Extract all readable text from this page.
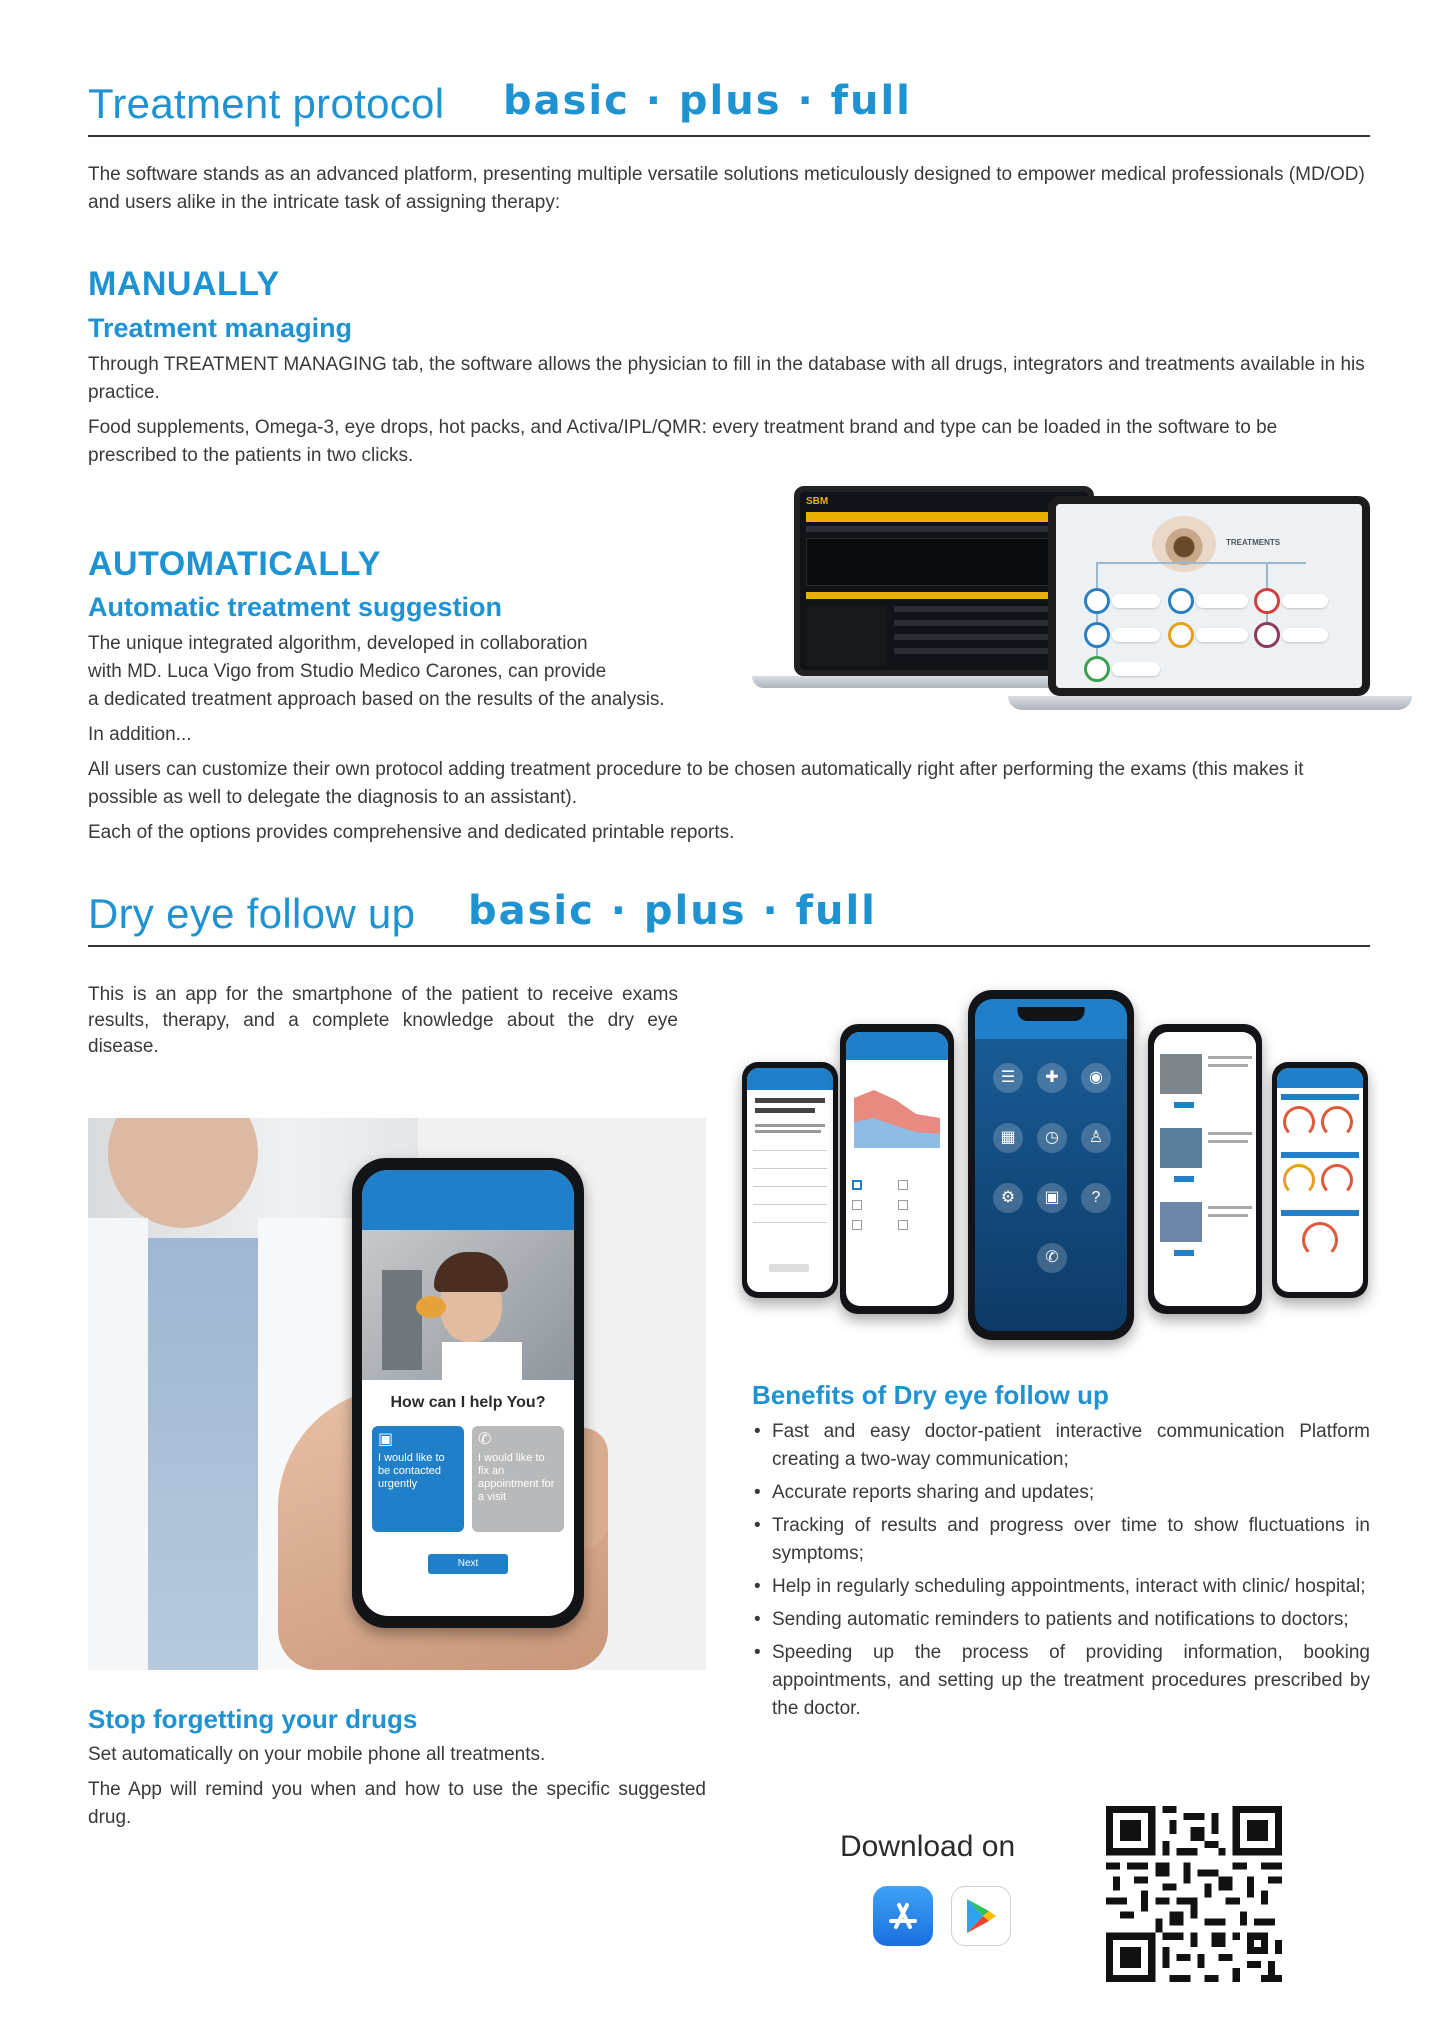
Treatment protocol basic · plus · full
The software stands as an advanced platform, presenting multiple versatile solutions meticulously designed to empower medical professionals (MD/OD) and users alike in the intricate task of assigning therapy:
MANUALLY
Treatment managing
Through TREATMENT MANAGING tab, the software allows the physician to fill in the database with all drugs, integrators and treatments available in his practice.
Food supplements, Omega-3, eye drops, hot packs, and Activa/IPL/QMR: every treatment brand and type can be loaded in the software to be prescribed to the patients in two clicks.
AUTOMATICALLY
Automatic treatment suggestion
The unique integrated algorithm, developed in collaboration
with MD. Luca Vigo from Studio Medico Carones, can provide
a dedicated treatment approach based on the results of the analysis.
In addition...
All users can customize their own protocol adding treatment procedure to be chosen automatically right after performing the exams (this makes it possible as well to delegate the diagnosis to an assistant).
Each of the options provides comprehensive and dedicated printable reports.
SBM
TREATMENTS
Dry eye follow up basic · plus · full
This is an app for the smartphone of the patient to receive exams results, therapy, and a complete knowledge about the dry eye disease.
How can I help You?
▣
I would like to be contacted urgently
✆
I would like to fix an appointment for a visit
Next
Stop forgetting your drugs
Set automatically on your mobile phone all treatments.
The App will remind you when and how to use the specific suggested drug.
☰	✚	◉
▦	◷	♙
⚙	▣	?
✆
Benefits of Dry eye follow up
• Fast and easy doctor-patient interactive communication Platform creating a two-way communication;
• Accurate reports sharing and updates;
• Tracking of results and progress over time to show fluctuations in symptoms;
• Help in regularly scheduling appointments, interact with clinic/ hospital;
• Sending automatic reminders to patients and notifications to doctors;
• Speeding up the process of providing information, booking appointments, and setting up the treatment procedures prescribed by the doctor.
Download on
